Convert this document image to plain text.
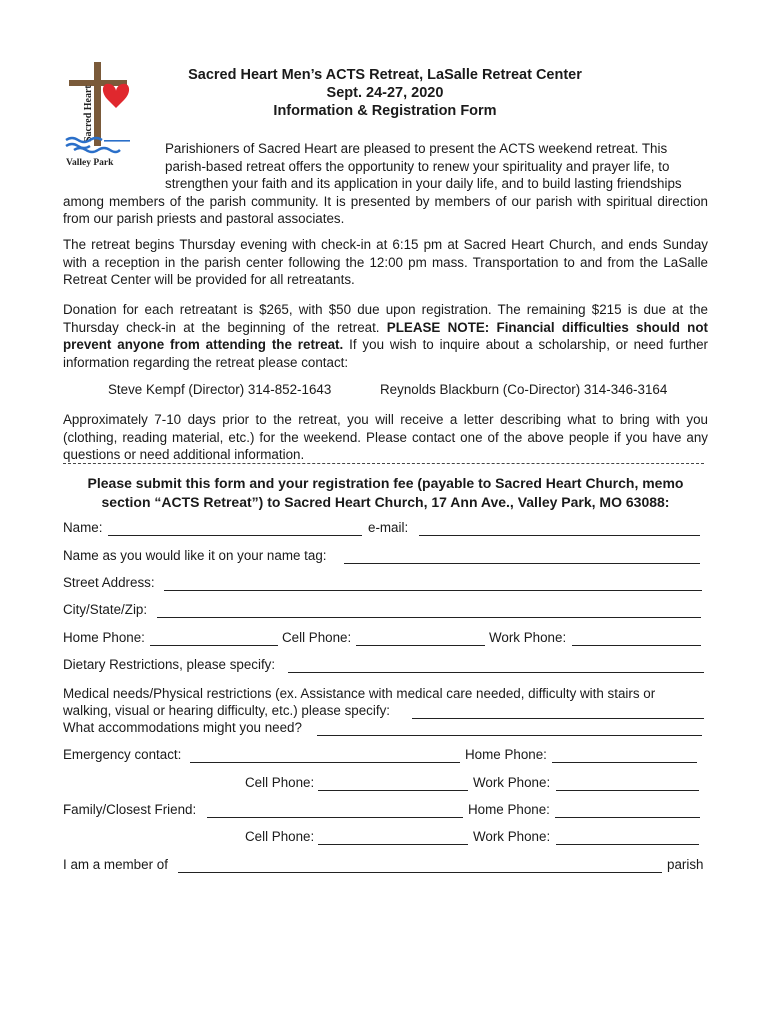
Sacred Heart
Valley Park
Sacred Heart Men’s ACTS Retreat, LaSalle Retreat Center
Sept. 24-27, 2020
Information & Registration Form
Parishioners of Sacred Heart are pleased to present the ACTS weekend retreat. This
parish-based retreat offers the opportunity to renew your spirituality and prayer life, to
strengthen your faith and its application in your daily life, and to build lasting friendships
among members of the parish community. It is presented by members of our parish with spiritual direction from our parish priests and pastoral associates.
The retreat begins Thursday evening with check-in at 6:15 pm at Sacred Heart Church, and ends Sunday with a reception in the parish center following the 12:00 pm mass. Transportation to and from the LaSalle Retreat Center will be provided for all retreatants.
Donation for each retreatant is $265, with $50 due upon registration. The remaining $215 is due at the Thursday check-in at the beginning of the retreat. PLEASE NOTE: Financial difficulties should not prevent anyone from attending the retreat. If you wish to inquire about a scholarship, or need further information regarding the retreat please contact:
Steve Kempf (Director) 314-852-1643	Reynolds Blackburn (Co-Director) 314-346-3164
Approximately 7-10 days prior to the retreat, you will receive a letter describing what to bring with you (clothing, reading material, etc.) for the weekend. Please contact one of the above people if you have any questions or need additional information.
Please submit this form and your registration fee (payable to Sacred Heart Church, memo
section “ACTS Retreat”) to Sacred Heart Church, 17 Ann Ave., Valley Park, MO 63088:
Name:	e-mail:
Name as you would like it on your name tag:
Street Address:
City/State/Zip:
Home Phone:	Cell Phone:	Work Phone:
Dietary Restrictions, please specify:
Medical needs/Physical restrictions (ex. Assistance with medical care needed, difficulty with stairs or
walking, visual or hearing difficulty, etc.) please specify:
What accommodations might you need?
Emergency contact:	Home Phone:
Cell Phone:	Work Phone:
Family/Closest Friend:	Home Phone:
Cell Phone:	Work Phone:
I am a member of	parish
